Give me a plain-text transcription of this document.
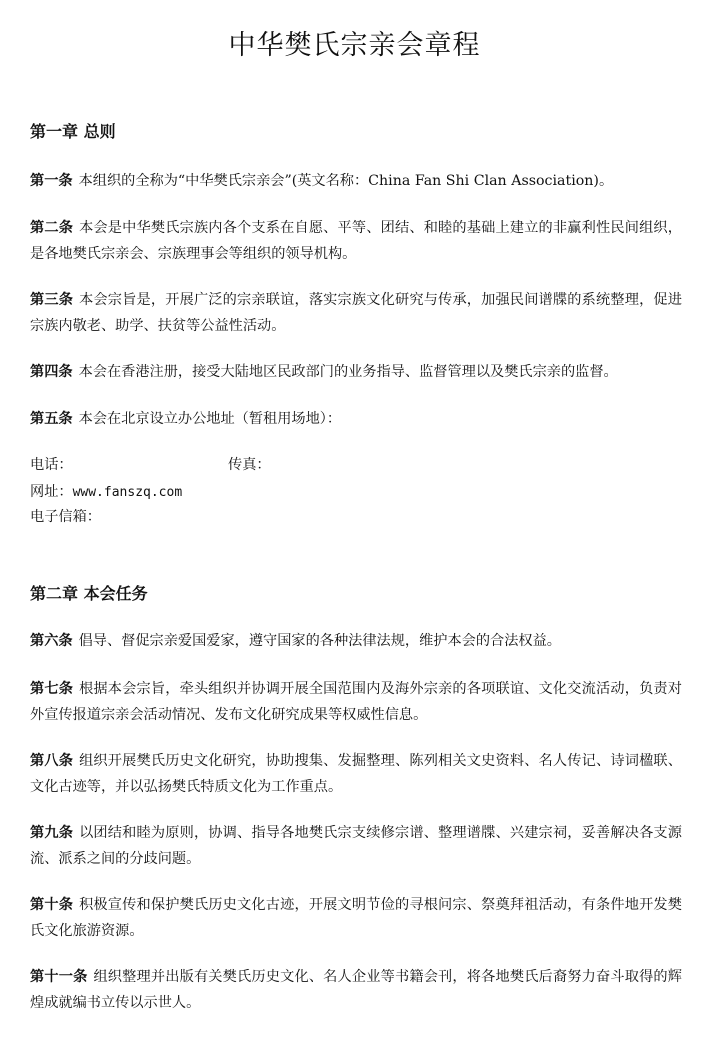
中华樊氏宗亲会章程
第一章 总则

第一条 本组织的全称为“中华樊氏宗亲会”(英文名称：China Fan Shi Clan Association)。

第二条 本会是中华樊氏宗族内各个支系在自愿、平等、团结、和睦的基础上建立的非赢利性民间组织，是各地樊氏宗亲会、宗族理事会等组织的领导机构。

第三条 本会宗旨是，开展广泛的宗亲联谊，落实宗族文化研究与传承，加强民间谱牒的系统整理，促进宗族内敬老、助学、扶贫等公益性活动。

第四条 本会在香港注册，接受大陆地区民政部门的业务指导、监督管理以及樊氏宗亲的监督。

第五条 本会在北京设立办公地址（暂租用场地）：

电话：	传真：

网址：www.fanszq.com

电子信箱：

第二章 本会任务

第六条 倡导、督促宗亲爱国爱家，遵守国家的各种法律法规，维护本会的合法权益。

第七条 根据本会宗旨，牵头组织并协调开展全国范围内及海外宗亲的各项联谊、文化交流活动，负责对外宣传报道宗亲会活动情况、发布文化研究成果等权威性信息。

第八条 组织开展樊氏历史文化研究，协助搜集、发掘整理、陈列相关文史资料、名人传记、诗词楹联、文化古迹等，并以弘扬樊氏特质文化为工作重点。

第九条 以团结和睦为原则，协调、指导各地樊氏宗支续修宗谱、整理谱牒、兴建宗祠，妥善解决各支源流、派系之间的分歧问题。

第十条 积极宣传和保护樊氏历史文化古迹，开展文明节俭的寻根问宗、祭奠拜祖活动，有条件地开发樊氏文化旅游资源。

第十一条 组织整理并出版有关樊氏历史文化、名人企业等书籍会刊，将各地樊氏后裔努力奋斗取得的辉煌成就编书立传以示世人。
